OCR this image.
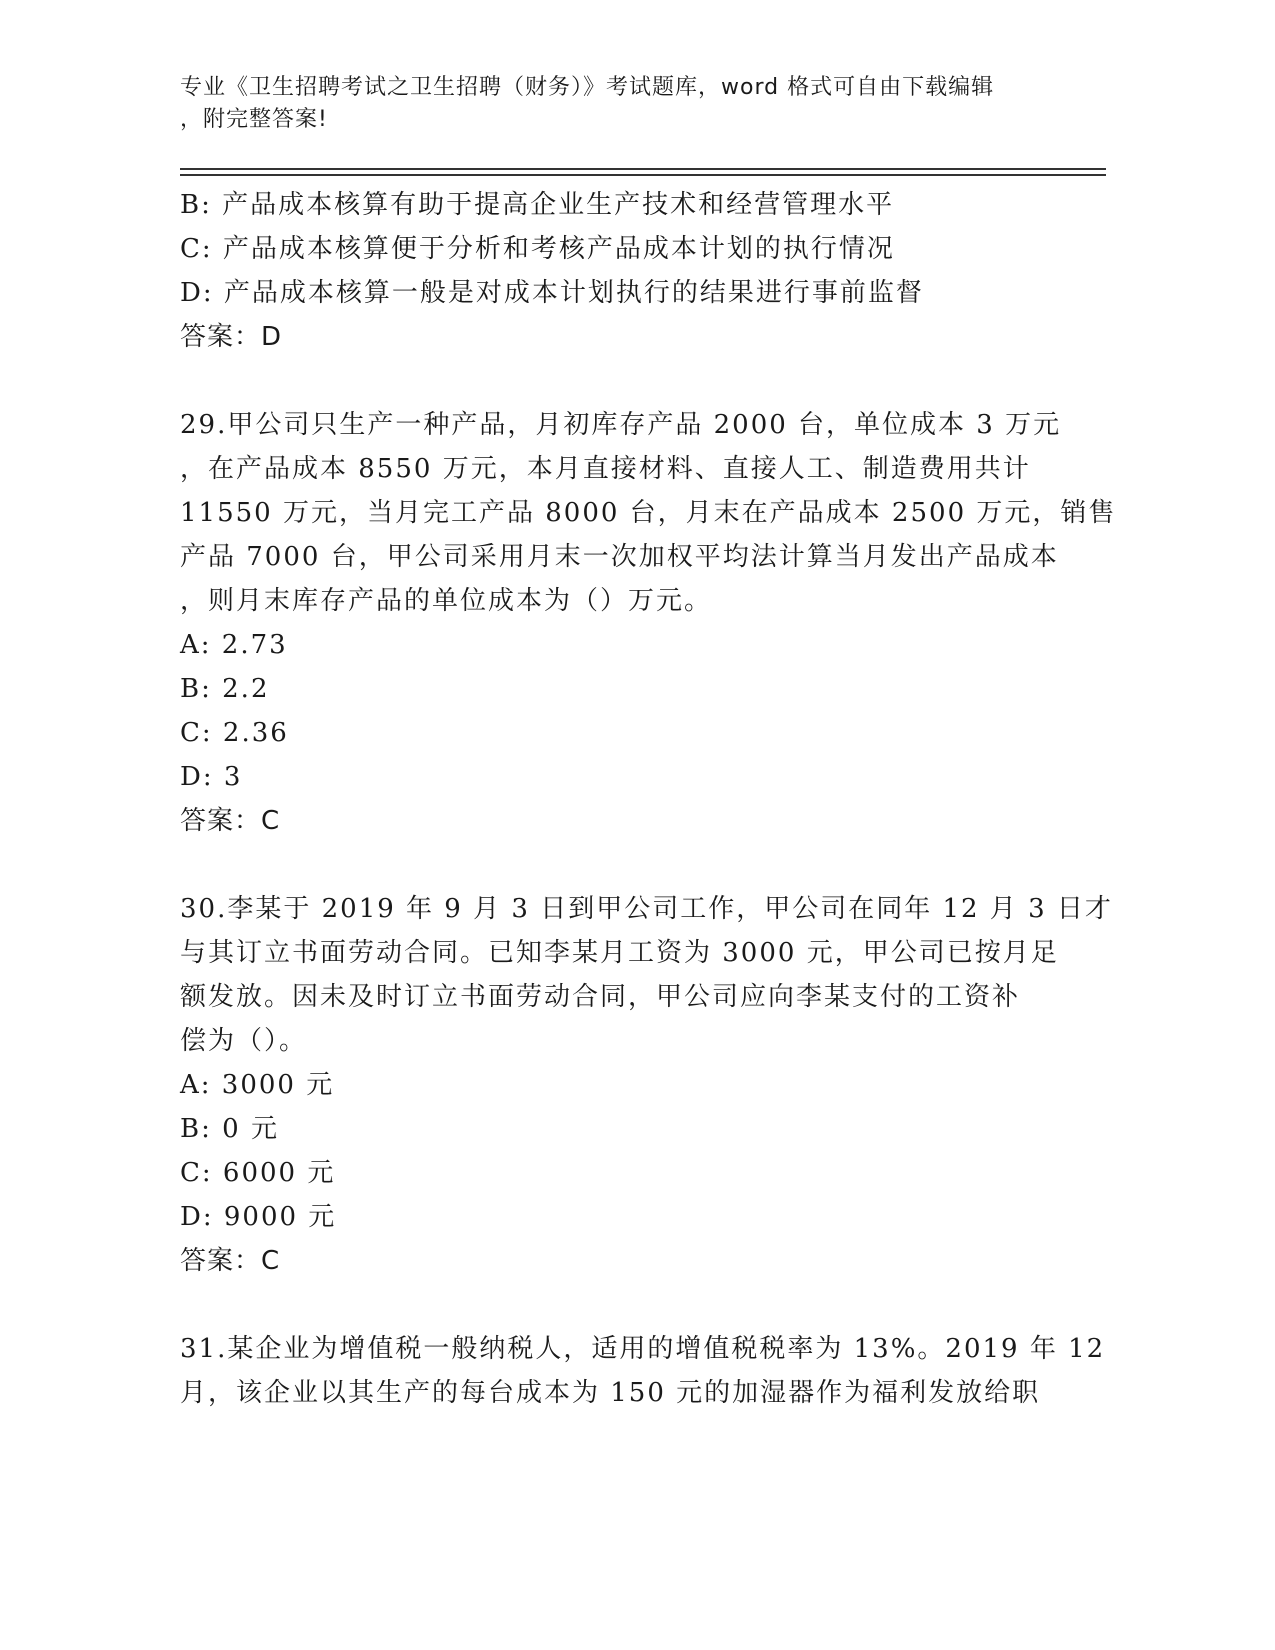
专业《卫生招聘考试之卫生招聘（财务）》考试题库，word 格式可自由下载编辑
，附完整答案!
B: 产品成本核算有助于提高企业生产技术和经营管理水平
C: 产品成本核算便于分析和考核产品成本计划的执行情况
D: 产品成本核算一般是对成本计划执行的结果进行事前监督
答案：D
29.甲公司只生产一种产品，月初库存产品 2000 台，单位成本 3 万元
，在产品成本 8550 万元，本月直接材料、直接人工、制造费用共计
11550 万元，当月完工产品 8000 台，月末在产品成本 2500 万元，销售
产品 7000 台，甲公司采用月末一次加权平均法计算当月发出产品成本
，则月末库存产品的单位成本为（）万元。
A: 2.73
B: 2.2
C: 2.36
D: 3
答案：C
30.李某于 2019 年 9 月 3 日到甲公司工作，甲公司在同年 12 月 3 日才
与其订立书面劳动合同。已知李某月工资为 3000 元，甲公司已按月足
额发放。因未及时订立书面劳动合同，甲公司应向李某支付的工资补
偿为（）。
A: 3000 元
B: 0 元
C: 6000 元
D: 9000 元
答案：C
31.某企业为增值税一般纳税人，适用的增值税税率为 13%。2019 年 12
月，该企业以其生产的每台成本为 150 元的加湿器作为福利发放给职
